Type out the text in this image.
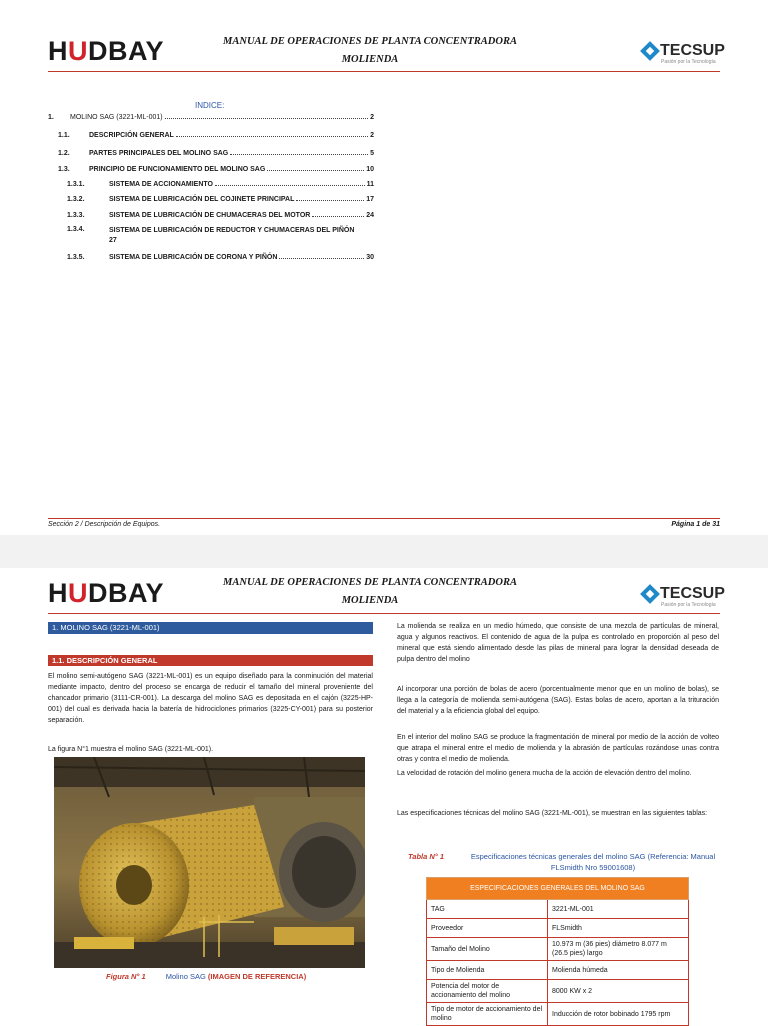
HUDBAY	MANUAL DE OPERACIONES DE PLANTA CONCENTRADORA
MOLIENDA
TECSUP
Pasión por la Tecnología
INDICE:
1.	MOLINO SAG (3221-ML-001)	2
1.1.	DESCRIPCIÓN GENERAL	2
1.2.	PARTES PRINCIPALES DEL MOLINO SAG	5
1.3.	PRINCIPIO DE FUNCIONAMIENTO DEL MOLINO SAG	10
1.3.1.	SISTEMA DE ACCIONAMIENTO	11
1.3.2.	SISTEMA DE LUBRICACIÓN DEL COJINETE PRINCIPAL	17
1.3.3.	SISTEMA DE LUBRICACIÓN DE CHUMACERAS DEL MOTOR	24
1.3.4.	SISTEMA DE LUBRICACIÓN DE REDUCTOR Y CHUMACERAS DEL PIÑÓN
27
1.3.5.	SISTEMA DE LUBRICACIÓN DE CORONA Y PIÑÓN	30
Sección 2 / Descripción de Equipos.	Página 1 de 31
HUDBAY	MANUAL DE OPERACIONES DE PLANTA CONCENTRADORA
MOLIENDA	TECSUP
Pasión por la Tecnología
1. MOLINO SAG (3221-ML-001)
1.1. DESCRIPCIÓN GENERAL
El molino semi-autógeno SAG (3221-ML-001) es un equipo diseñado para la conminución del material mediante impacto, dentro del proceso se encarga de reducir el tamaño del mineral proveniente del chancador primario (3111-CR-001). La descarga del molino SAG es depositada en el cajón (3225-HP-001) del cual es derivada hacia la batería de hidrociclones primarios (3225-CY-001) para su posterior separación.
La figura N°1 muestra el molino SAG (3221-ML-001).
La molienda se realiza en un medio húmedo, que consiste de una mezcla de partículas de mineral, agua y algunos reactivos. El contenido de agua de la pulpa es controlado en proporción al peso del mineral que está siendo alimentado desde las pilas de mineral para lograr la densidad deseada de pulpa dentro del molino
Al incorporar una porción de bolas de acero (porcentualmente menor que en un molino de bolas), se llega a la categoría de molienda semi-autógena (SAG). Estas bolas de acero, aportan a la trituración del material y a la eficiencia global del equipo.
En el interior del molino SAG se produce la fragmentación de mineral por medio de la acción de volteo que atrapa el mineral entre el medio de molienda y la abrasión de partículas rozándose unas contra otras y contra el medio de molienda.
La velocidad de rotación del molino genera mucha de la acción de elevación dentro del molino.
Las especificaciones técnicas del molino SAG (3221-ML-001), se muestran en las siguientes tablas:
Tabla N° 1	Especificaciones técnicas generales del molino SAG (Referencia: Manual FLSmidth Nro 59001608)
ESPECIFICACIONES GENERALES DEL MOLINO SAG	
TAG	3221-ML-001
Proveedor	FLSmidth
Tamaño del Molino	10.973 m (36 pies) diámetro 8.077 m (26.5 pies) largo
Tipo de Molienda	Molienda húmeda
Potencia del motor de accionamiento del molino	8000 KW x 2
Tipo de motor de accionamiento del molino	Inducción de rotor bobinado 1795 rpm
Figura N° 1	Molino SAG (IMAGEN DE REFERENCIA)
